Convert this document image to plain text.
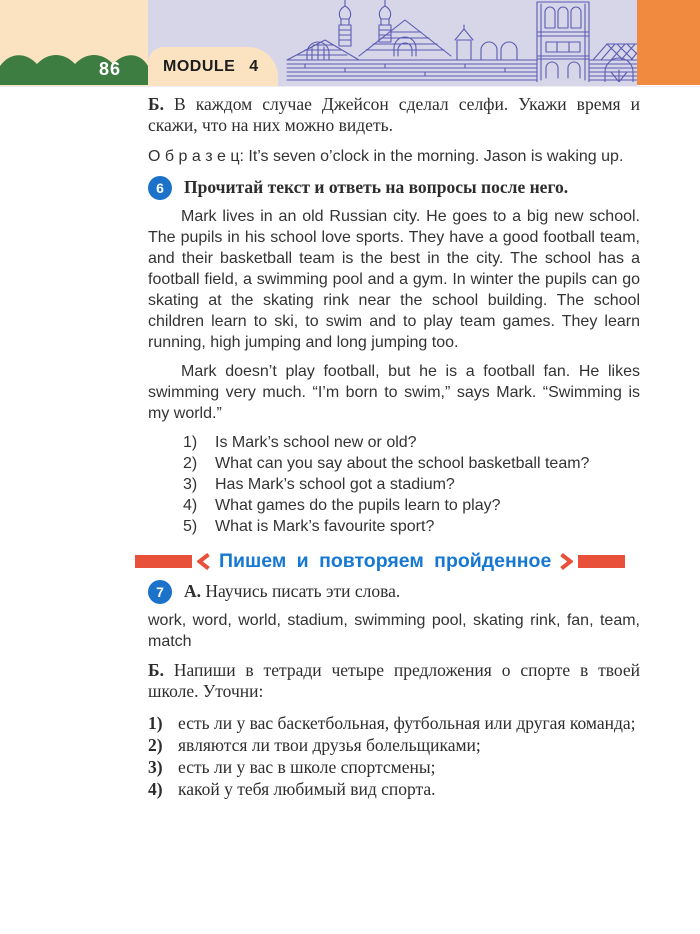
86	MODULE 4

Б. В каждом случае Джейсон сделал селфи. Укажи время и скажи, что на них можно видеть.

О б р а з е ц: It’s seven o’clock in the morning. Jason is waking up.

6	Прочитай текст и ответь на вопросы после него.

Mark lives in an old Russian city. He goes to a big new school. The pupils in his school love sports. They have a good football team, and their basketball team is the best in the city. The school has a football field, a swimming pool and a gym. In winter the pupils can go skating at the skating rink near the school building. The school children learn to ski, to swim and to play team games. They learn running, high jumping and long jumping too.

Mark doesn’t play football, but he is a football fan. He likes swimming very much. “I’m born to swim,” says Mark. “Swimming is my world.”

1)	Is Mark’s school new or old?
2)	What can you say about the school basketball team?
3)	Has Mark’s school got a stadium?
4)	What games do the pupils learn to play?
5)	What is Mark’s favourite sport?
Пишем и повторяем пройденное
7	А. Научись писать эти слова.

work, word, world, stadium, swimming pool, skating rink, fan, team, match

Б. Напиши в тетради четыре предложения о спорте в твоей школе. Уточни:

1) есть ли у вас баскетбольная, футбольная или другая команда;
2) являются ли твои друзья болельщиками;
3) есть ли у вас в школе спортсмены;
4) какой у тебя любимый вид спорта.
